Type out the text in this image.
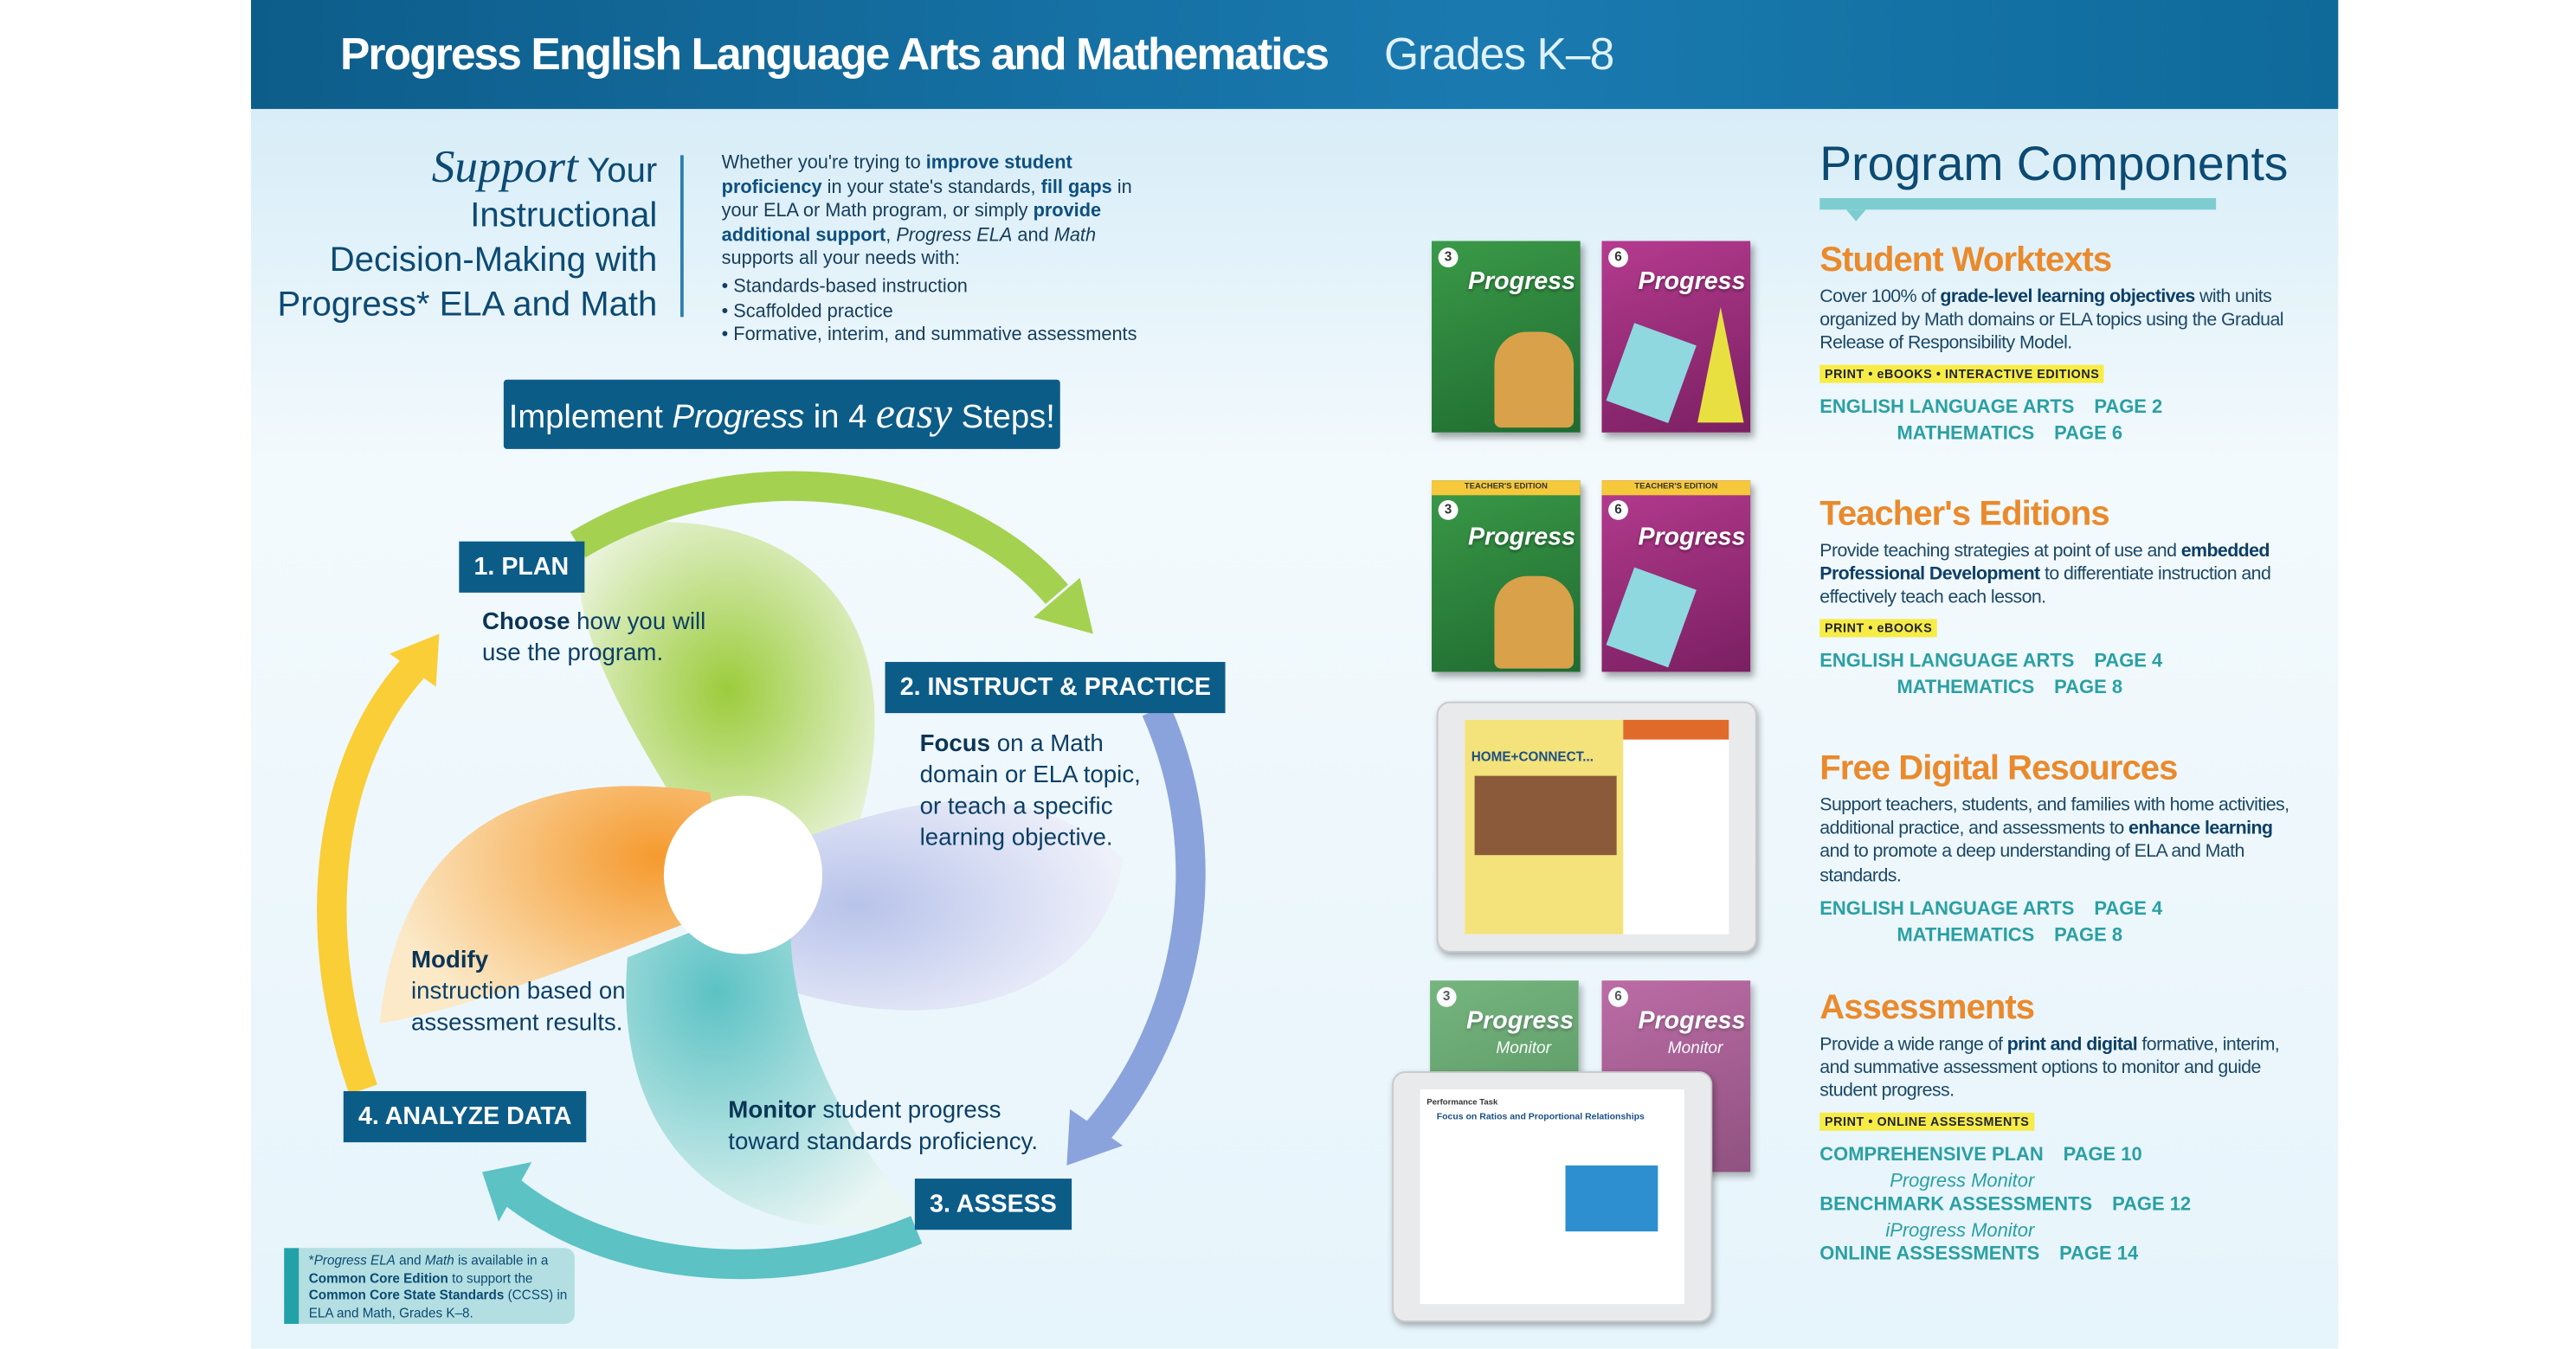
Progress English Language Arts and Mathematics Grades K–8
Support Your
Instructional
Decision-Making with
Progress* ELA and Math
Whether you're trying to improve student proficiency in your state's standards, fill gaps in your ELA or Math program, or simply provide additional support, Progress ELA and Math supports all your needs with:
• Standards-based instruction
• Scaffolded practice
• Formative, interim, and summative assessments
Implement Progress in 4 easy Steps!
1. PLAN
Choose how you will use the program.
2. INSTRUCT & PRACTICE
Focus on a Math domain or ELA topic, or teach a specific learning objective.
3. ASSESS
Monitor student progress toward standards proficiency.
4. ANALYZE DATA
Modify
instruction based on assessment results.
*Progress ELA and Math is available in a Common Core Edition to support the Common Core State Standards (CCSS) in ELA and Math, Grades K–8.
3
Progress
6
Progress
TEACHER'S EDITION
3
Progress
TEACHER'S EDITION
6
Progress
HOME+CONNECT...
3
Progress
Monitor
6
Progress
Monitor
Performance Task
Focus on Ratios and Proportional Relationships
Program Components
Student Worktexts
Cover 100% of grade-level learning objectives with units organized by Math domains or ELA topics using the Gradual Release of Responsibility Model.
PRINT • eBOOKS • INTERACTIVE EDITIONS
ENGLISH LANGUAGE ARTS PAGE 2
MATHEMATICS PAGE 6
Teacher's Editions
Provide teaching strategies at point of use and embedded Professional Development to differentiate instruction and effectively teach each lesson.
PRINT • eBOOKS
ENGLISH LANGUAGE ARTS PAGE 4
MATHEMATICS PAGE 8
Free Digital Resources
Support teachers, students, and families with home activities, additional practice, and assessments to enhance learning and to promote a deep understanding of ELA and Math standards.
ENGLISH LANGUAGE ARTS PAGE 4
MATHEMATICS PAGE 8
Assessments
Provide a wide range of print and digital formative, interim, and summative assessment options to monitor and guide student progress.
PRINT • ONLINE ASSESSMENTS
COMPREHENSIVE PLAN PAGE 10
Progress Monitor
BENCHMARK ASSESSMENTS PAGE 12
iProgress Monitor
ONLINE ASSESSMENTS PAGE 14
